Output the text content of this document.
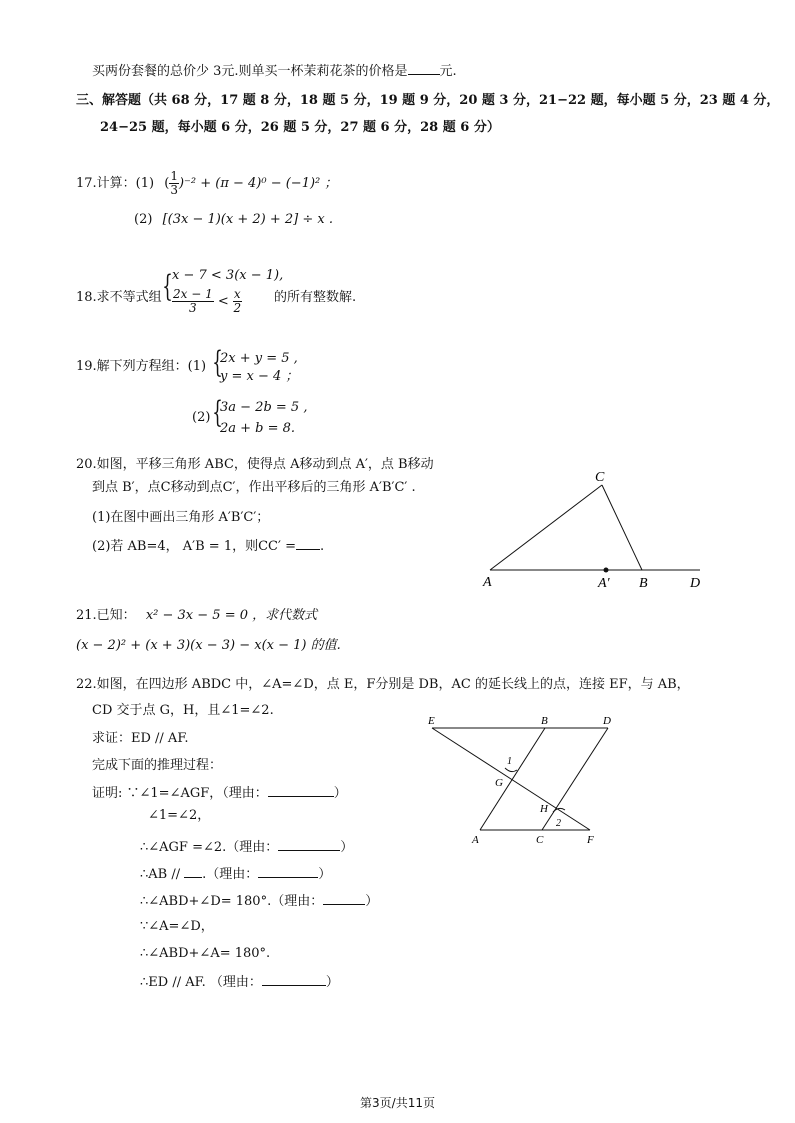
买两份套餐的总价少 3元.则单买一杯茉莉花茶的价格是 元.
三、解答题（共 68 分，17 题 8 分，18 题 5 分，19 题 9 分，20 题 3 分，21−22 题，每小题 5 分，23 题 4 分，
24−25 题，每小题 6 分，26 题 5 分，27 题 6 分，28 题 6 分）
17.计算：(1) ( $\frac{1}{3} )^{-2} + (\pi - 4)^0 - (-1)^2$ ；
(2) [(3x − 1)(x + 2) + 2] ÷ x .
18.求不等式组 { x − 7 < 3(x − 1),
$\frac{2x - 1}{3} < \frac{x}{2}$ 的所有整数解.
19.解下列方程组：(1) {
2x + y = 5 ,
y = x − 4 ；
(2) {
3a − 2b = 5 ,
2a + b = 8.
20.如图，平移三角形 ABC，使得点 A移动到点 A′，点 B移动
到点 B′，点C移动到点C′，作出平移后的三角形 A′B′C′ .
(1)在图中画出三角形 A′B′C′；
(2)若 AB=4， A′B = 1，则CC′ = .
C
A	A′ B	D
21.已知： x² − 3x − 5 = 0 ，求代数式
(x − 2)² + (x + 3)(x − 3) − x(x − 1) 的值.
22.如图，在四边形 ABDC 中，∠A=∠D，点 E，F分别是 DB，AC 的延长线上的点，连接 EF，与 AB，
CD 交于点 G，H，且∠1=∠2.
求证：ED // AF.
完成下面的推理过程：
证明: ∵∠1=∠AGF，（理由：	）
∠1=∠2，
∴∠AGF =∠2.（理由：	）
∴AB // .（理由：	）
∴∠ABD+∠D= 180°.（理由：	）
∵∠A=∠D，
∴∠ABD+∠A= 180°.
∴ED // AF. （理由：	）
E	B	D
1
G
H
2
A	C	F
第3页/共11页
